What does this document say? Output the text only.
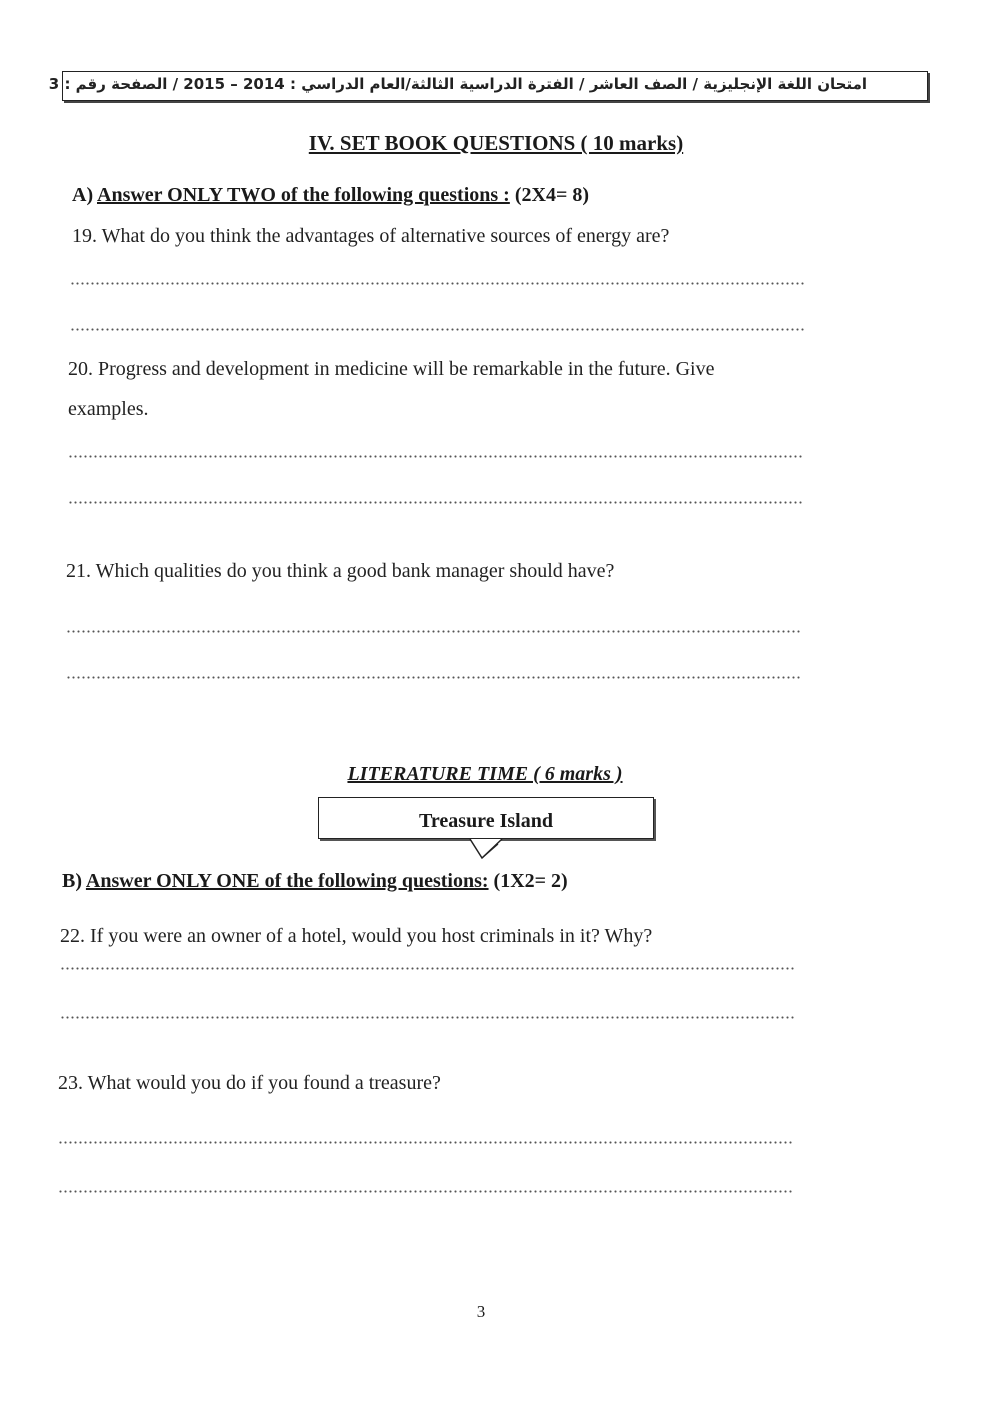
امتحان اللغة الإنجليزية / الصف العاشر / الفترة الدراسية الثالثة/العام الدراسي : 2014 – 2015 / الصفحة رقم : 3
IV. SET BOOK QUESTIONS ( 10 marks)
A) Answer ONLY TWO of the following questions : (2X4= 8)
19. What do you think the advantages of alternative sources of energy are?
20. Progress and development in medicine will be remarkable in the future. Give
examples.
21. Which qualities do you think a good bank manager should have?
LITERATURE TIME ( 6 marks )
Treasure Island
B) Answer ONLY ONE of the following questions: (1X2= 2)
22. If you were an owner of a hotel, would you host criminals in it? Why?
23. What would you do if you found a treasure?
3
